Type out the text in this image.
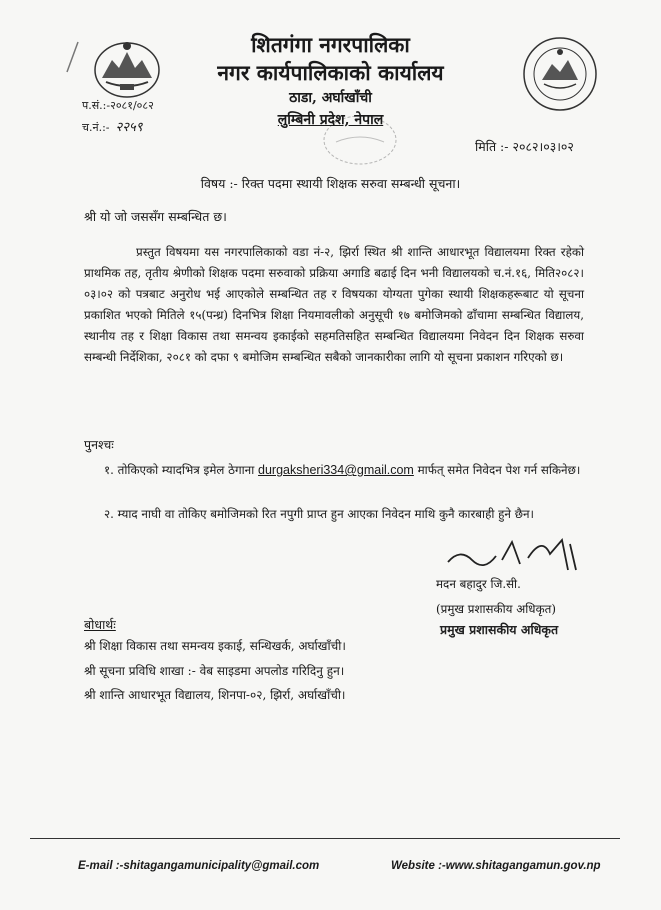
शितगंगा नगरपालिका
नगर कार्यपालिकाको कार्यालय
ठाडा, अर्घाखाँची
लुम्बिनी प्रदेश, नेपाल
प.सं.:-२०८१/०८२
च.नं.:- २२५९
मिति :- २०८२।०३।०२
विषय :- रिक्त पदमा स्थायी शिक्षक सरुवा सम्बन्धी सूचना।
श्री यो जो जससँग सम्बन्धित छ।
प्रस्तुत विषयमा यस नगरपालिकाको वडा नं-२, झिर्रा स्थित श्री शान्ति आधारभूत विद्यालयमा रिक्त रहेको प्राथमिक तह, तृतीय श्रेणीको शिक्षक पदमा सरुवाको प्रक्रिया अगाडि बढाई दिन भनी विद्यालयको च.नं.१६, मिति२०८२।०३।०२ को पत्रबाट अनुरोध भई आएकोले सम्बन्धित तह र विषयका योग्यता पुगेका स्थायी शिक्षकहरूबाट यो सूचना प्रकाशित भएको मितिले १५(पन्ध्र) दिनभित्र शिक्षा नियमावलीको अनुसूची १७ बमोजिमको ढाँचामा सम्बन्धित विद्यालय, स्थानीय तह र शिक्षा विकास तथा समन्वय इकाईको सहमतिसहित सम्बन्धित विद्यालयमा निवेदन दिन शिक्षक सरुवा सम्बन्धी निर्देशिका, २०८१ को दफा ९ बमोजिम सम्बन्धित सबैको जानकारीका लागि यो सूचना प्रकाशन गरिएको छ।
पुनश्चः
१. तोकिएको म्यादभित्र इमेल ठेगाना durgaksheri334@gmail.com मार्फत् समेत निवेदन पेश गर्न सकिनेछ।
२. म्याद नाघी वा तोकिए बमोजिमको रित नपुगी प्राप्त हुन आएका निवेदन माथि कुनै कारबाही हुने छैन।
मदन बहादुर जि.सी.
(प्रमुख प्रशासकीय अधिकृत)
प्रमुख प्रशासकीय अधिकृत
बोधार्थः
श्री शिक्षा विकास तथा समन्वय इकाई, सन्धिखर्क, अर्घाखाँची।
श्री सूचना प्रविधि शाखा :- वेब साइडमा अपलोड गरिदिनु हुन।
श्री शान्ति आधारभूत विद्यालय, शिनपा-०२, झिर्रा, अर्घाखाँची।
E-mail :-shitagangamunicipality@gmail.com	Website :-www.shitagangamun.gov.np
